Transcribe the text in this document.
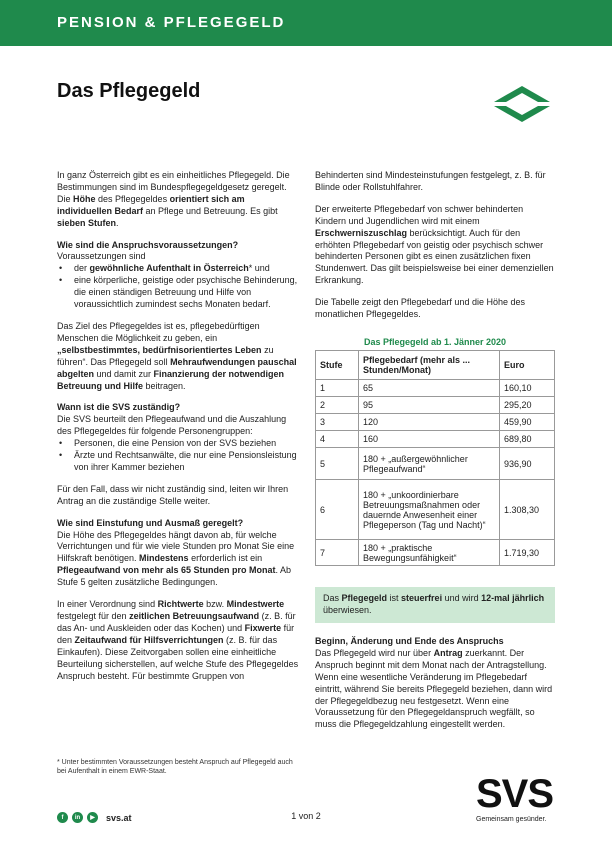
PENSION & PFLEGEGELD
Das Pflegegeld

In ganz Österreich gibt es ein einheitliches Pflegegeld. Die Bestimmungen sind im Bundespflegegeldgesetz geregelt. Die Höhe des Pflegegeldes orientiert sich am individuellen Bedarf an Pflege und Betreuung. Es gibt sieben Stufen.

Wie sind die Anspruchsvoraussetzungen?
Voraussetzungen sind
• der gewöhnliche Aufenthalt in Österreich* und
• eine körperliche, geistige oder psychische Behinderung, die einen ständigen Betreuung und Hilfe von voraussichtlich zumindest sechs Monaten bedarf.

Das Ziel des Pflegegeldes ist es, pflegebedürftigen Menschen die Möglichkeit zu geben, ein „selbstbestimmtes, bedürfnisorientiertes Leben zu führen“. Das Pflegegeld soll Mehraufwendungen pauschal abgelten und damit zur Finanzierung der notwendigen Betreuung und Hilfe beitragen.

Wann ist die SVS zuständig?
Die SVS beurteilt den Pflegeaufwand und die Auszahlung des Pflegegeldes für folgende Personengruppen:
• Personen, die eine Pension von der SVS beziehen
• Ärzte und Rechtsanwälte, die nur eine Pensionsleistung von ihrer Kammer beziehen

Für den Fall, dass wir nicht zuständig sind, leiten wir Ihren Antrag an die zuständige Stelle weiter.

Wie sind Einstufung und Ausmaß geregelt?

Die Höhe des Pflegegeldes hängt davon ab, für welche Verrichtungen und für wie viele Stunden pro Monat Sie eine Hilfskraft benötigen. Mindestens erforderlich ist ein Pflegeaufwand von mehr als 65 Stunden pro Monat. Ab Stufe 5 gelten zusätzliche Bedingungen.

In einer Verordnung sind Richtwerte bzw. Mindestwerte festgelegt für den zeitlichen Betreuungsaufwand (z. B. für das An- und Auskleiden oder das Kochen) und Fixwerte für den Zeitaufwand für Hilfsverrichtungen (z. B. für das Einkaufen). Diese Zeitvorgaben sollen eine einheitliche Beurteilung sicherstellen, auf welche Stufe des Pflegegeldes Anspruch besteht. Für bestimmte Gruppen von

* Unter bestimmten Voraussetzungen besteht Anspruch auf Pflegegeld auch bei Aufenthalt in einem EWR-Staat.

Behinderten sind Mindesteinstufungen festgelegt, z. B. für Blinde oder Rollstuhlfahrer.

Der erweiterte Pflegebedarf von schwer behinderten Kindern und Jugendlichen wird mit einem Erschwerniszuschlag berücksichtigt. Auch für den erhöhten Pflegebedarf von geistig oder psychisch schwer behinderten Personen gibt es einen zusätzlichen fixen Stundenwert. Das gilt beispielsweise bei einer demenziellen Erkrankung.

Die Tabelle zeigt den Pflegebedarf und die Höhe des monatlichen Pflegegeldes.

Das Pflegegeld ab 1. Jänner 2020
Stufe	Pflegebedarf (mehr als ... Stunden/Monat)	Euro
1	65	160,10
2	95	295,20
3	120	459,90
4	160	689,80
5	180 + „außergewöhnlicher Pflegeaufwand“	936,90
6	180 + „unkoordinierbare Betreuungsmaßnahmen oder dauernde Anwesenheit einer Pflegeperson (Tag und Nacht)“	1.308,30
7	180 + „praktische Bewegungsunfähigkeit“	1.719,30
Das Pflegegeld ist steuerfrei und wird 12-mal jährlich überwiesen.
Beginn, Änderung und Ende des Anspruchs

Das Pflegegeld wird nur über Antrag zuerkannt. Der Anspruch beginnt mit dem Monat nach der Antragstellung. Wenn eine wesentliche Veränderung im Pflegebedarf eintritt, während Sie bereits Pflegegeld beziehen, dann wird der Pflegegeldbezug neu festgesetzt. Wenn eine Voraussetzung für den Pflegegeldanspruch wegfällt, so muss die Pflegegeldzahlung eingestellt werden.

f	in	▶	svs.at	1 von 2	SVS
Gemeinsam gesünder.
